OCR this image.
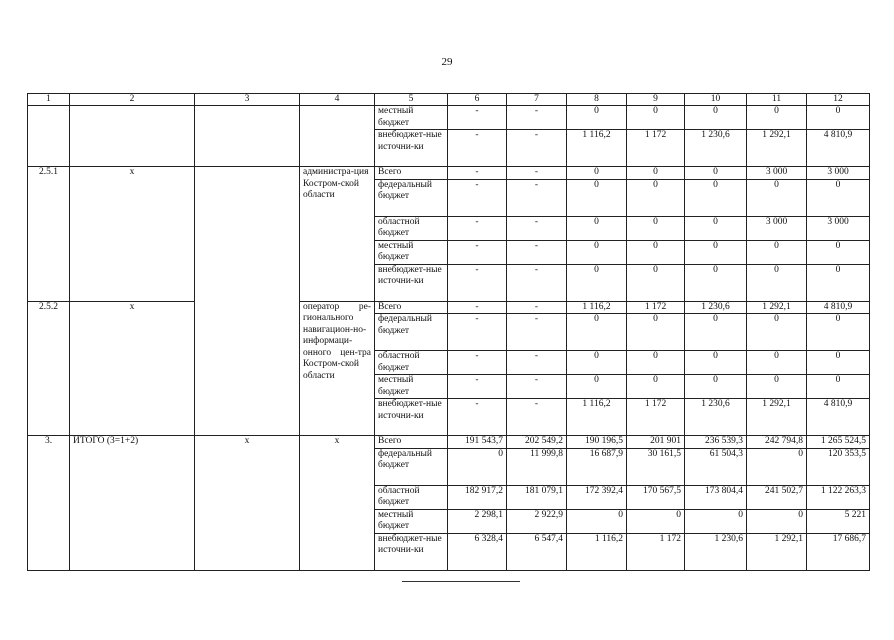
29
1	2	3	4	5	6	7	8	9	10	11	12
				местный бюджет	-	-	0	0	0	0	0
				внебюджет-ные источни-ки	-	-	1 116,2	1 172	1 230,6	1 292,1	4 810,9
2.5.1	x		администра-ция Костром-ской области	Всего	-	-	0	0	0	3 000	3 000
				федеральный бюджет	-	-	0	0	0	0	0
				областной бюджет	-	-	0	0	0	3 000	3 000
				местный бюджет	-	-	0	0	0	0	0
				внебюджет-ные источни-ки	-	-	0	0	0	0	0
2.5.2	x		оператор ре-гионального навигацион-но-информаци-онного цен-тра Костром-ской области	Всего	-	-	1 116,2	1 172	1 230,6	1 292,1	4 810,9
				федеральный бюджет	-	-	0	0	0	0	0
				областной бюджет	-	-	0	0	0	0	0
				местный бюджет	-	-	0	0	0	0	0
				внебюджет-ные источни-ки	-	-	1 116,2	1 172	1 230,6	1 292,1	4 810,9
3.	ИТОГО (3=1+2)	x	x	Всего	191 543,7	202 549,2	190 196,5	201 901	236 539,3	242 794,8	1 265 524,5
				федеральный бюджет	0	11 999,8	16 687,9	30 161,5	61 504,3	0	120 353,5
				областной бюджет	182 917,2	181 079,1	172 392,4	170 567,5	173 804,4	241 502,7	1 122 263,3
				местный бюджет	2 298,1	2 922,9	0	0	0	0	5 221
				внебюджет-ные источни-ки	6 328,4	6 547,4	1 116,2	1 172	1 230,6	1 292,1	17 686,7
